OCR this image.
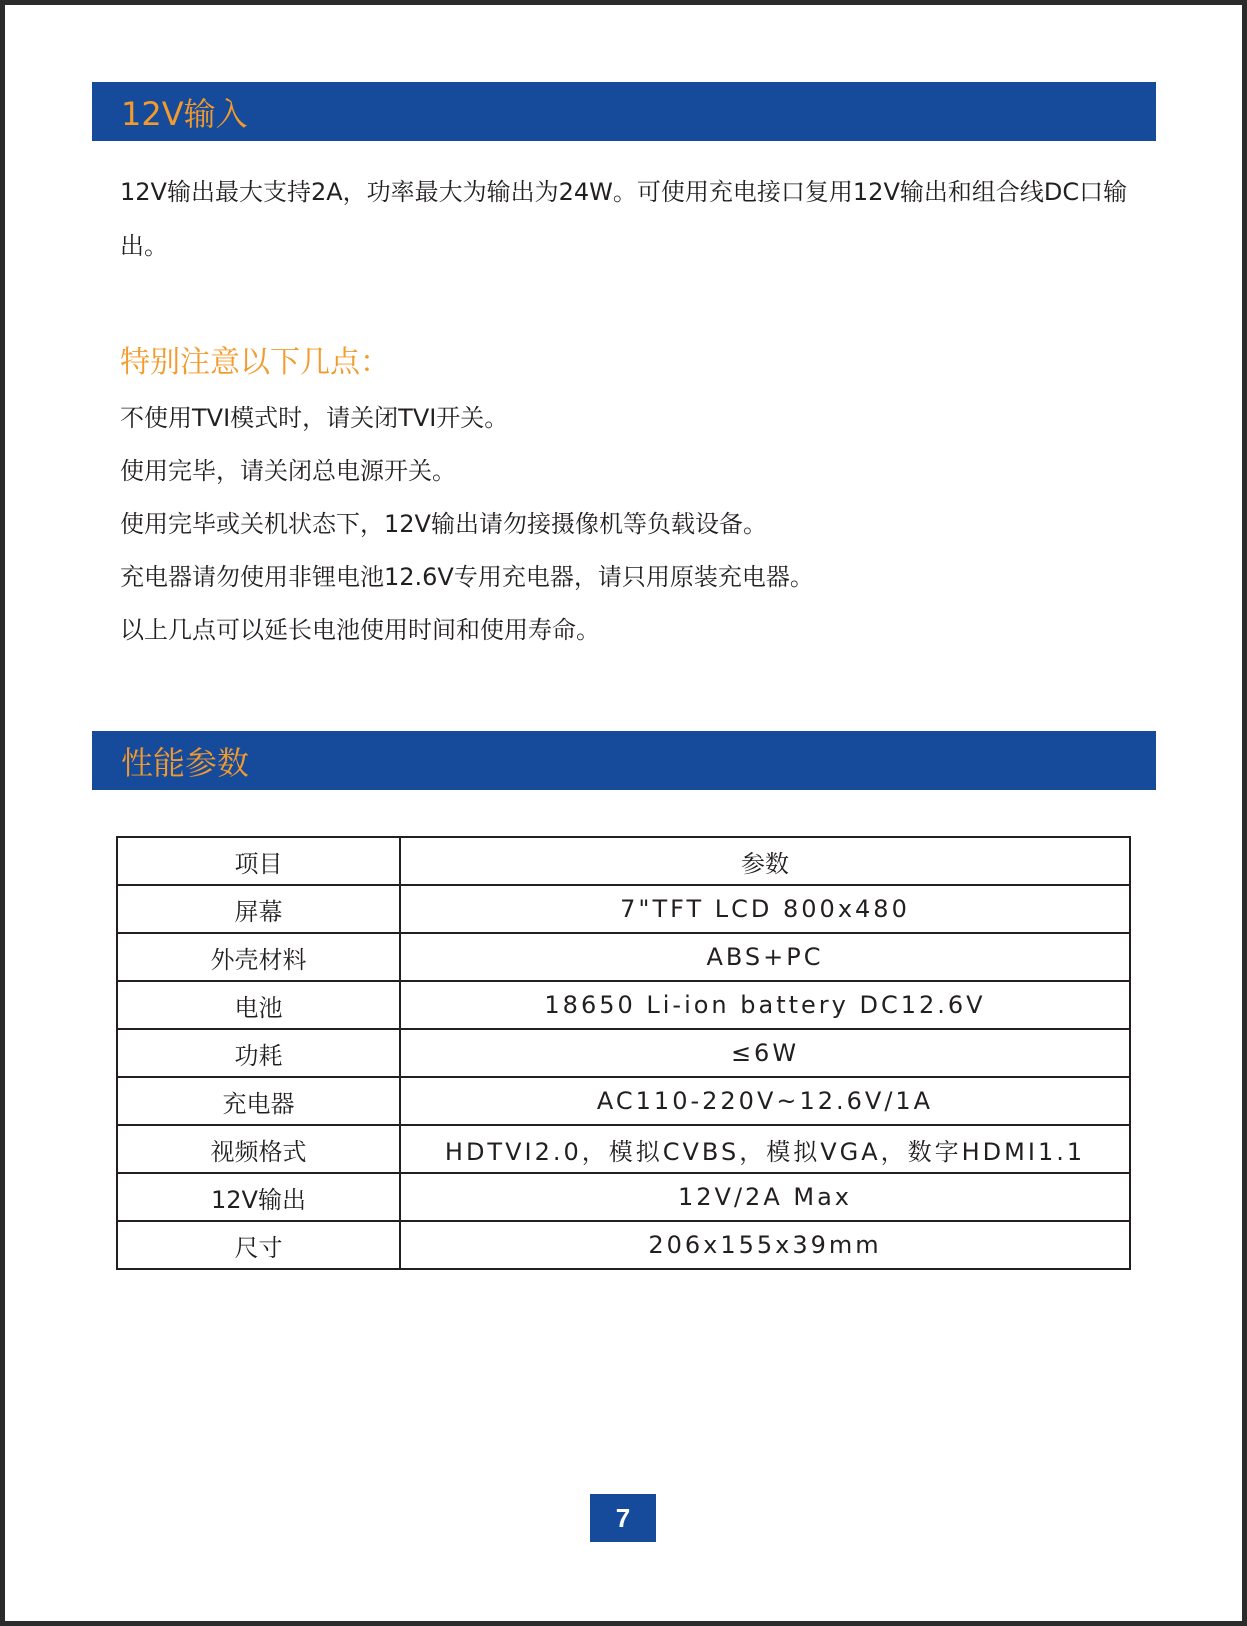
12V输入
12V输出最大支持2A，功率最大为输出为24W。可使用充电接口复用12V输出和组合线DC口输出。
特别注意以下几点：
不使用TVI模式时，请关闭TVI开关。
使用完毕，请关闭总电源开关。
使用完毕或关机状态下，12V输出请勿接摄像机等负载设备。
充电器请勿使用非锂电池12.6V专用充电器，请只用原装充电器。
以上几点可以延长电池使用时间和使用寿命。
性能参数
项目	参数
屏幕	7"TFT LCD 800x480
外壳材料	ABS+PC
电池	18650 Li-ion battery DC12.6V
功耗	≤6W
充电器	AC110-220V~12.6V/1A
视频格式	HDTVI2.0，模拟CVBS，模拟VGA，数字HDMI1.1
12V输出	12V/2A Max
尺寸	206x155x39mm
7
